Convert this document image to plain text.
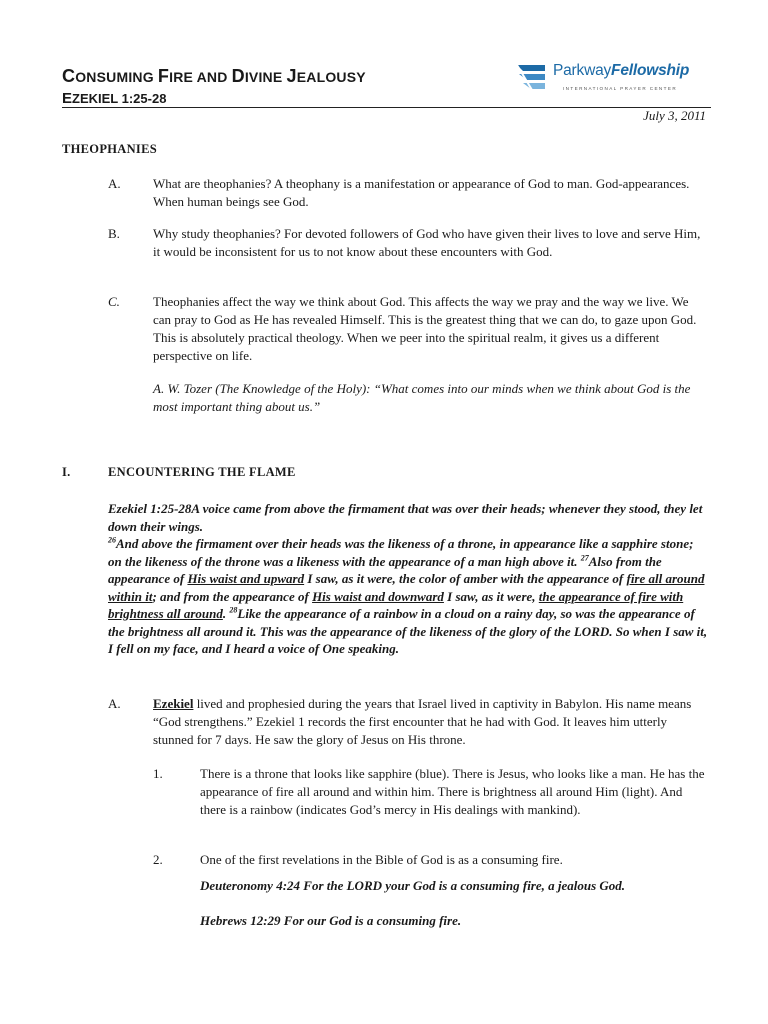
CONSUMING FIRE AND DIVINE JEALOUSY
EZEKIEL 1:25-28
ParkwayFellowship
INTERNATIONAL PRAYER CENTER
July 3, 2011
THEOPHANIES
A. What are theophanies? A theophany is a manifestation or appearance of God to man. God-appearances. When human beings see God.
B.	Why study theophanies? For devoted followers of God who have given their lives to love and serve Him, it would be inconsistent for us to not know about these encounters with God.
C.	Theophanies affect the way we think about God. This affects the way we pray and the way we live. We can pray to God as He has revealed Himself. This is the greatest thing that we can do, to gaze upon God. This is absolutely practical theology. When we peer into the spiritual realm, it gives us a different perspective on life.
A. W. Tozer (The Knowledge of the Holy): “What comes into our minds when we think about God is the most important thing about us.”
I.	ENCOUNTERING THE FLAME
Ezekiel 1:25-28A voice came from above the firmament that was over their heads; whenever they stood, they let down their wings.
$^{26}$And above the firmament over their heads was the likeness of a throne, in appearance like a sapphire stone; on the likeness of the throne was a likeness with the appearance of a man high above it. $^{27}$Also from the appearance of His waist and upward I saw, as it were, the color of amber with the appearance of fire all around within it; and from the appearance of His waist and downward I saw, as it were, the appearance of fire with brightness all around. $^{28}$Like the appearance of a rainbow in a cloud on a rainy day, so was the appearance of the brightness all around it. This was the appearance of the likeness of the glory of the LORD. So when I saw it, I fell on my face, and I heard a voice of One speaking.
A. Ezekiel lived and prophesied during the years that Israel lived in captivity in Babylon. His name means “God strengthens.” Ezekiel 1 records the first encounter that he had with God. It leaves him utterly stunned for 7 days. He saw the glory of Jesus on His throne.
1.	There is a throne that looks like sapphire (blue). There is Jesus, who looks like a man. He has the appearance of fire all around and within him. There is brightness all around Him (light). And there is a rainbow (indicates God’s mercy in His dealings with mankind).
2.	One of the first revelations in the Bible of God is as a consuming fire.
Deuteronomy 4:24 For the LORD your God is a consuming fire, a jealous God.
Hebrews 12:29 For our God is a consuming fire.
